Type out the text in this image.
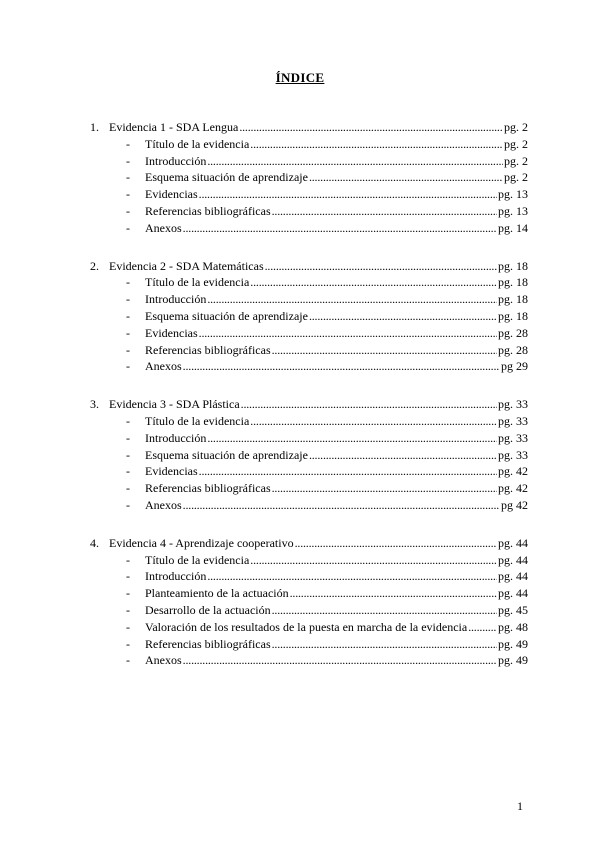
ÍNDICE
1. Evidencia 1 - SDA Lengua . . .	pg. 2
-	Título de la evidencia . . .	pg. 2
-	Introducción . . .	pg. 2
-	Esquema situación de aprendizaje . . .	pg. 2
-	Evidencias . . .	pg. 13
-	Referencias bibliográficas . . .	pg. 13
-	Anexos . . .	pg. 14
2. Evidencia 2 - SDA Matemáticas . . .	pg. 18
-	Título de la evidencia . . .	pg. 18
-	Introducción . . .	pg. 18
-	Esquema situación de aprendizaje . . .	pg. 18
-	Evidencias . . .	pg. 28
-	Referencias bibliográficas . . .	pg. 28
-	Anexos . . .	pg 29
3. Evidencia 3 - SDA Plástica . . .	pg. 33
-	Título de la evidencia . . .	pg. 33
-	Introducción . . .	pg. 33
-	Esquema situación de aprendizaje . . .	pg. 33
-	Evidencias . . .	pg. 42
-	Referencias bibliográficas . . .	pg. 42
-	Anexos . . .	pg 42
4. Evidencia 4 - Aprendizaje cooperativo . . .	pg. 44
-	Título de la evidencia . . .	pg. 44
-	Introducción . . .	pg. 44
-	Planteamiento de la actuación . . .	pg. 44
-	Desarrollo de la actuación . . .	pg. 45
-	Valoración de los resultados de la puesta en marcha de la evidencia . . .	pg. 48
-	Referencias bibliográficas . . .	pg. 49
-	Anexos . . .	pg. 49
1
